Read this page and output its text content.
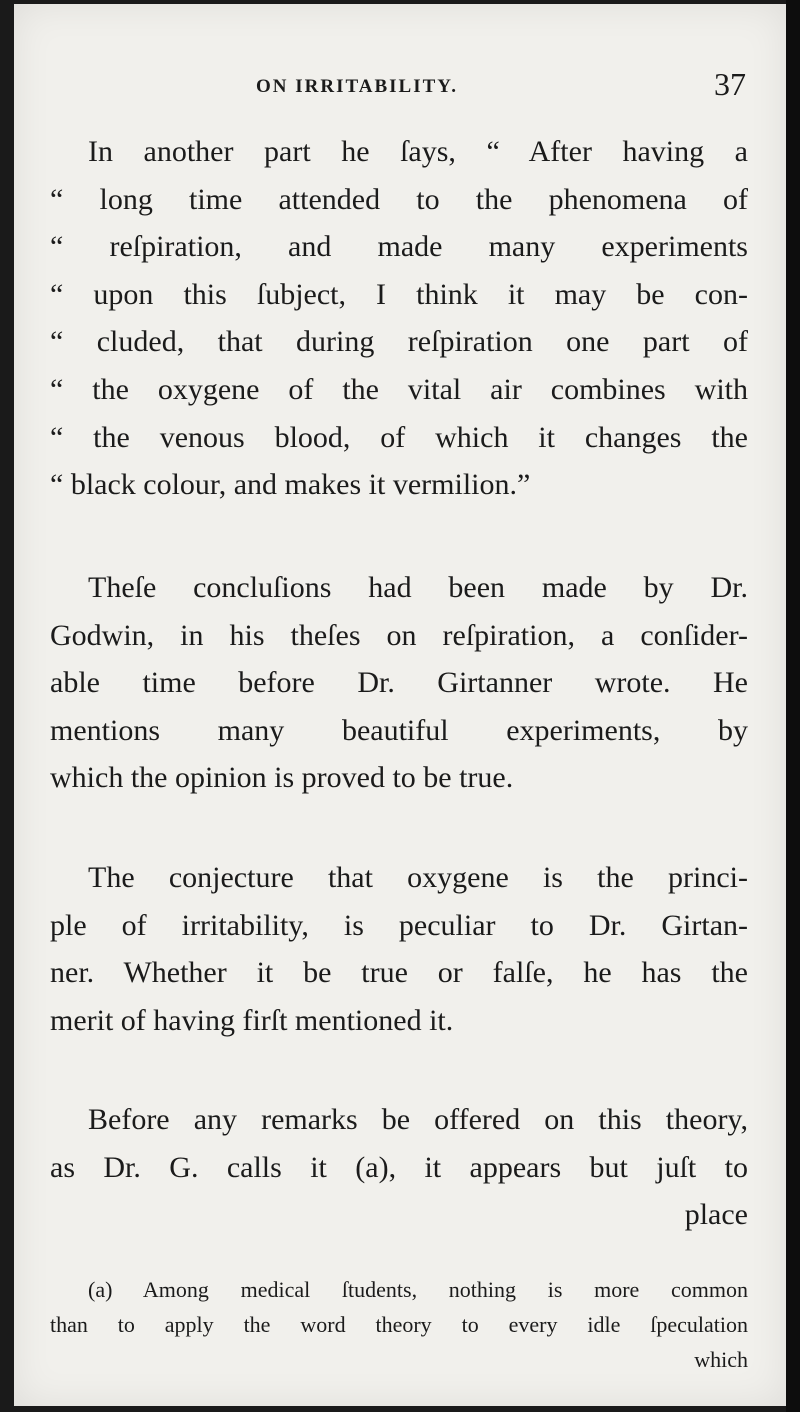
ON IRRITABILITY.	37

In another part he ſays, “ After having a
“ long time attended to the phenomena of
“ reſpiration, and made many experiments
“ upon this ſubject, I think it may be con-
“ cluded, that during reſpiration one part of
“ the oxygene of the vital air combines with
“ the venous blood, of which it changes the
“ black colour, and makes it vermilion.”

Theſe concluſions had been made by Dr.
Godwin, in his theſes on reſpiration, a conſider-
able time before Dr. Girtanner wrote. He
mentions many beautiful experiments, by
which the opinion is proved to be true.

The conjecture that oxygene is the princi-
ple of irritability, is peculiar to Dr. Girtan-
ner. Whether it be true or falſe, he has the
merit of having firſt mentioned it.

Before any remarks be offered on this theory,
as Dr. G. calls it (a), it appears but juſt to
place

(a) Among medical ſtudents, nothing is more common
than to apply the word theory to every idle ſpeculation
which
